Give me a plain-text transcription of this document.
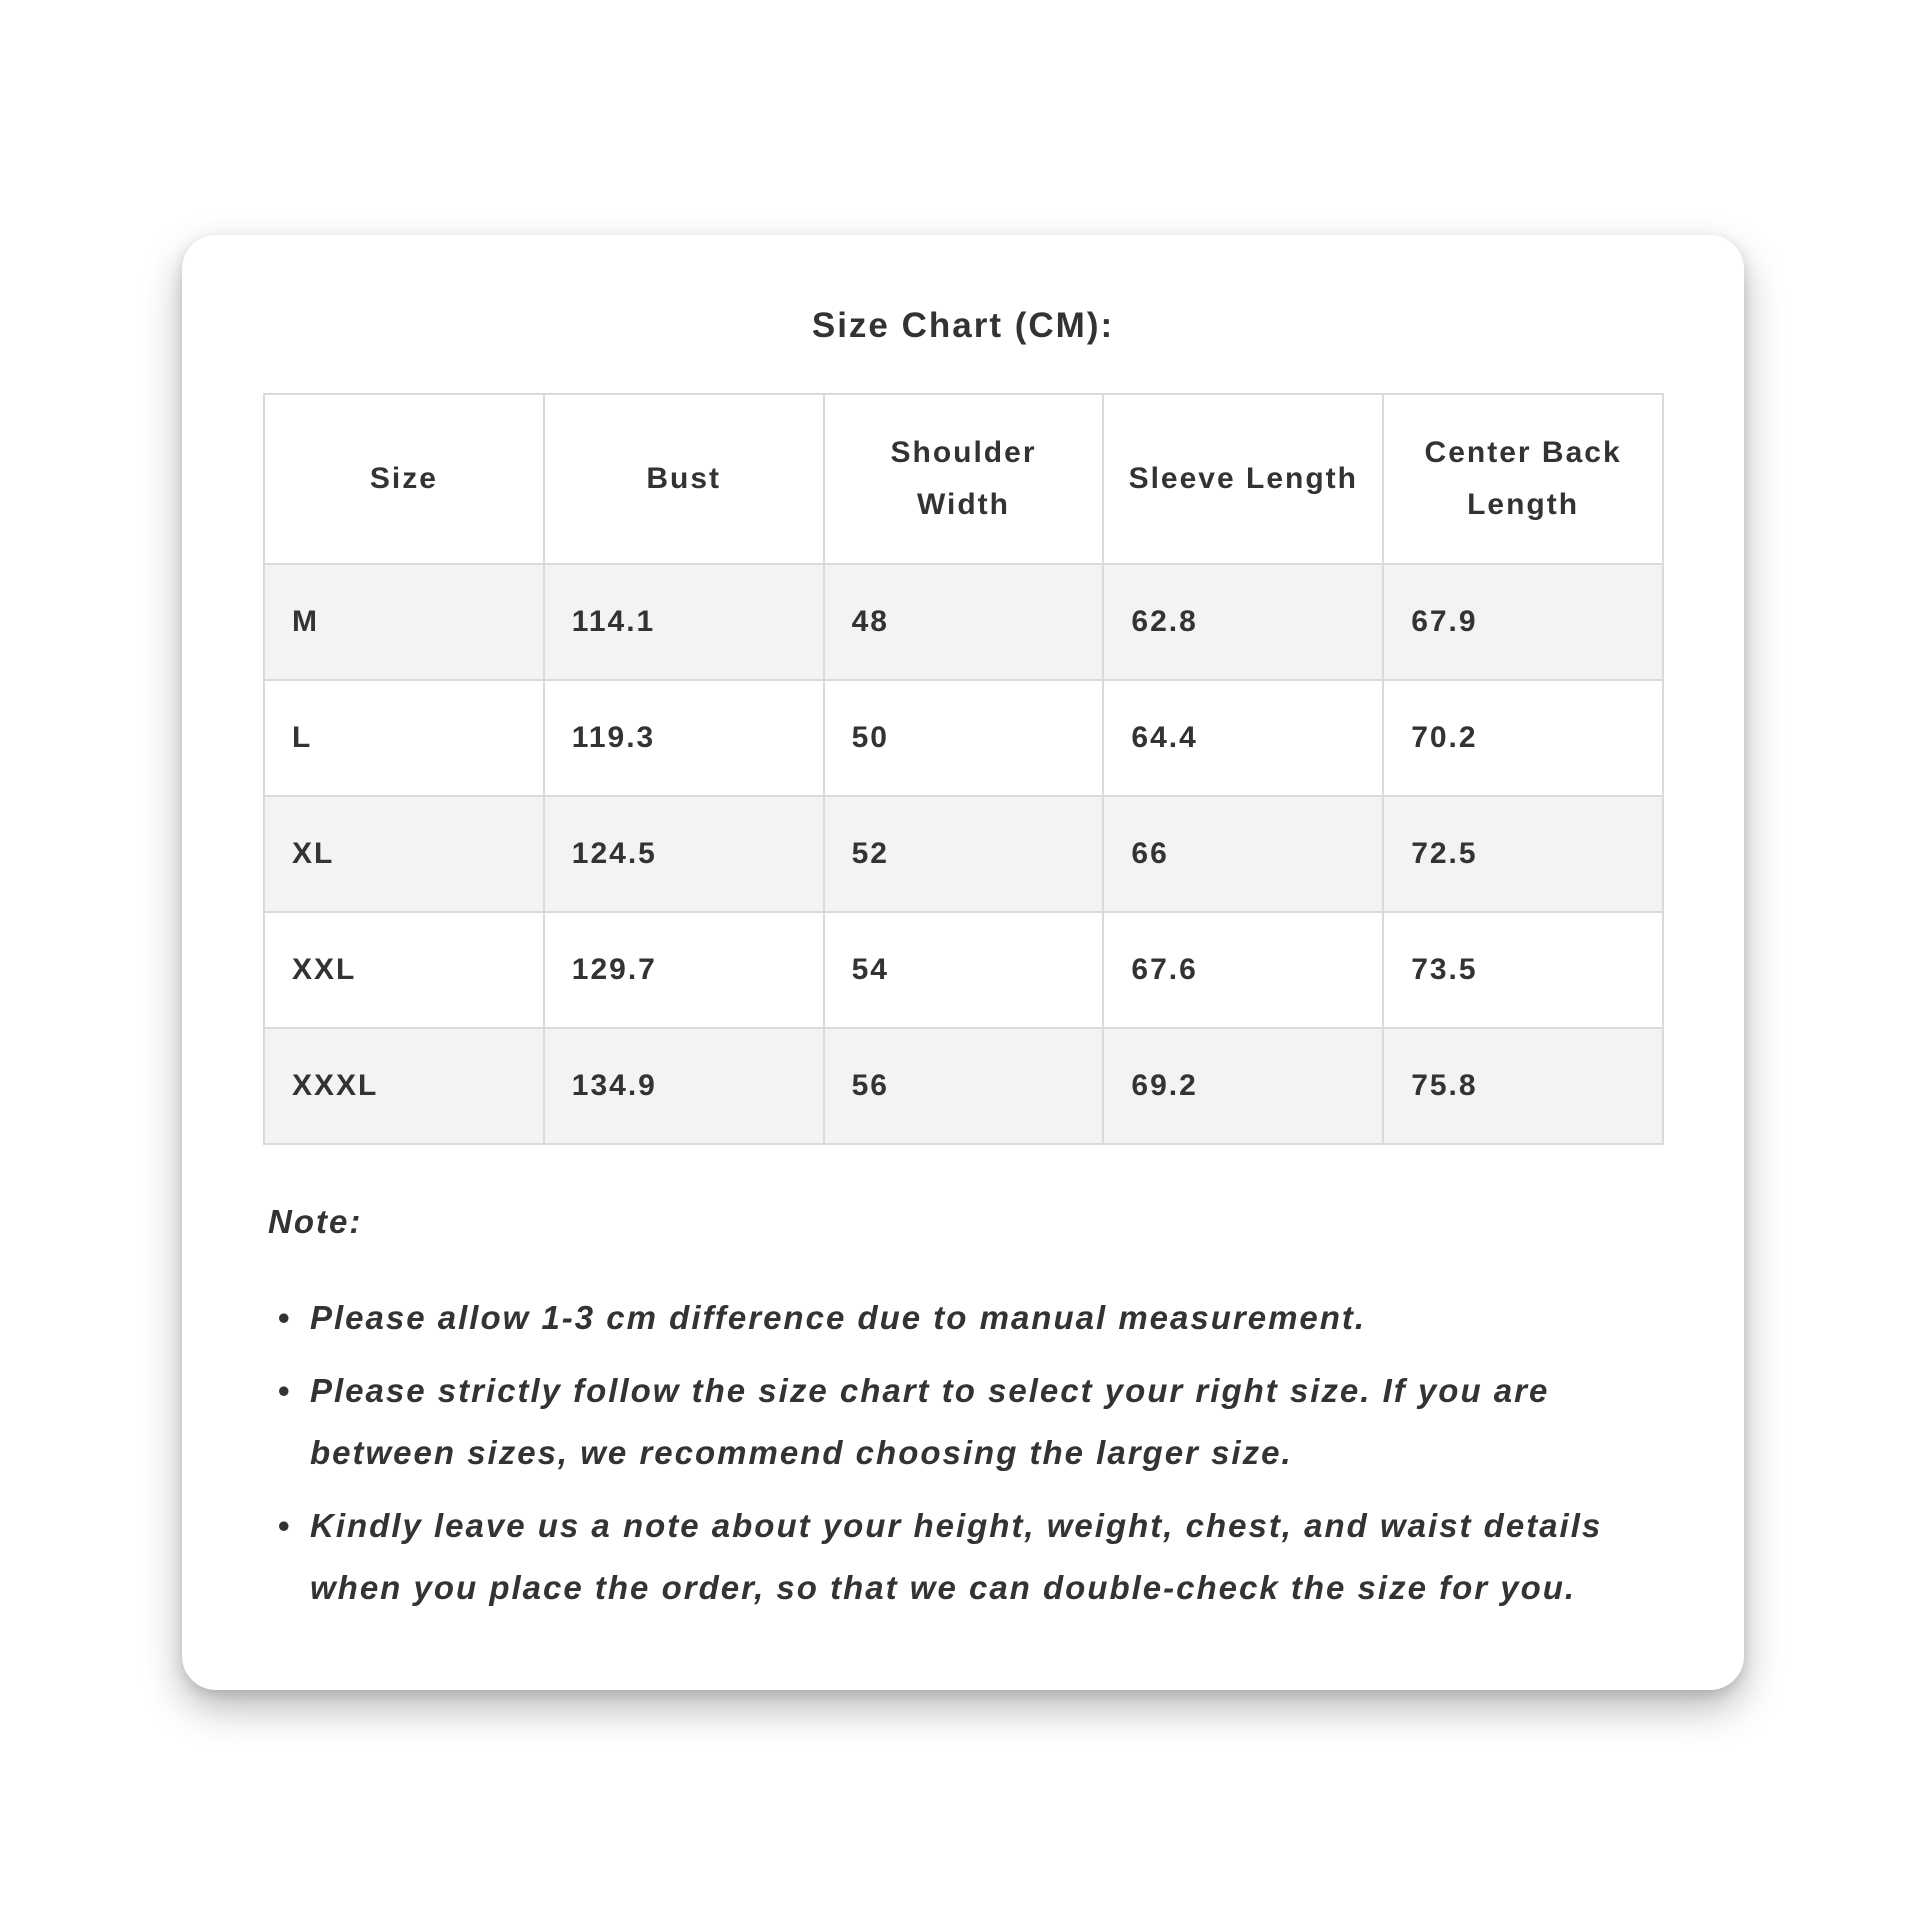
Size Chart (CM):
Size	Bust	Shoulder Width	Sleeve Length	Center Back Length
M	114.1	48	62.8	67.9
L	119.3	50	64.4	70.2
XL	124.5	52	66	72.5
XXL	129.7	54	67.6	73.5
XXXL	134.9	56	69.2	75.8

Note:

• Please allow 1-3 cm difference due to manual measurement.
• Please strictly follow the size chart to select your right size. If you are between sizes, we recommend choosing the larger size.
• Kindly leave us a note about your height, weight, chest, and waist details when you place the order, so that we can double-check the size for you.
